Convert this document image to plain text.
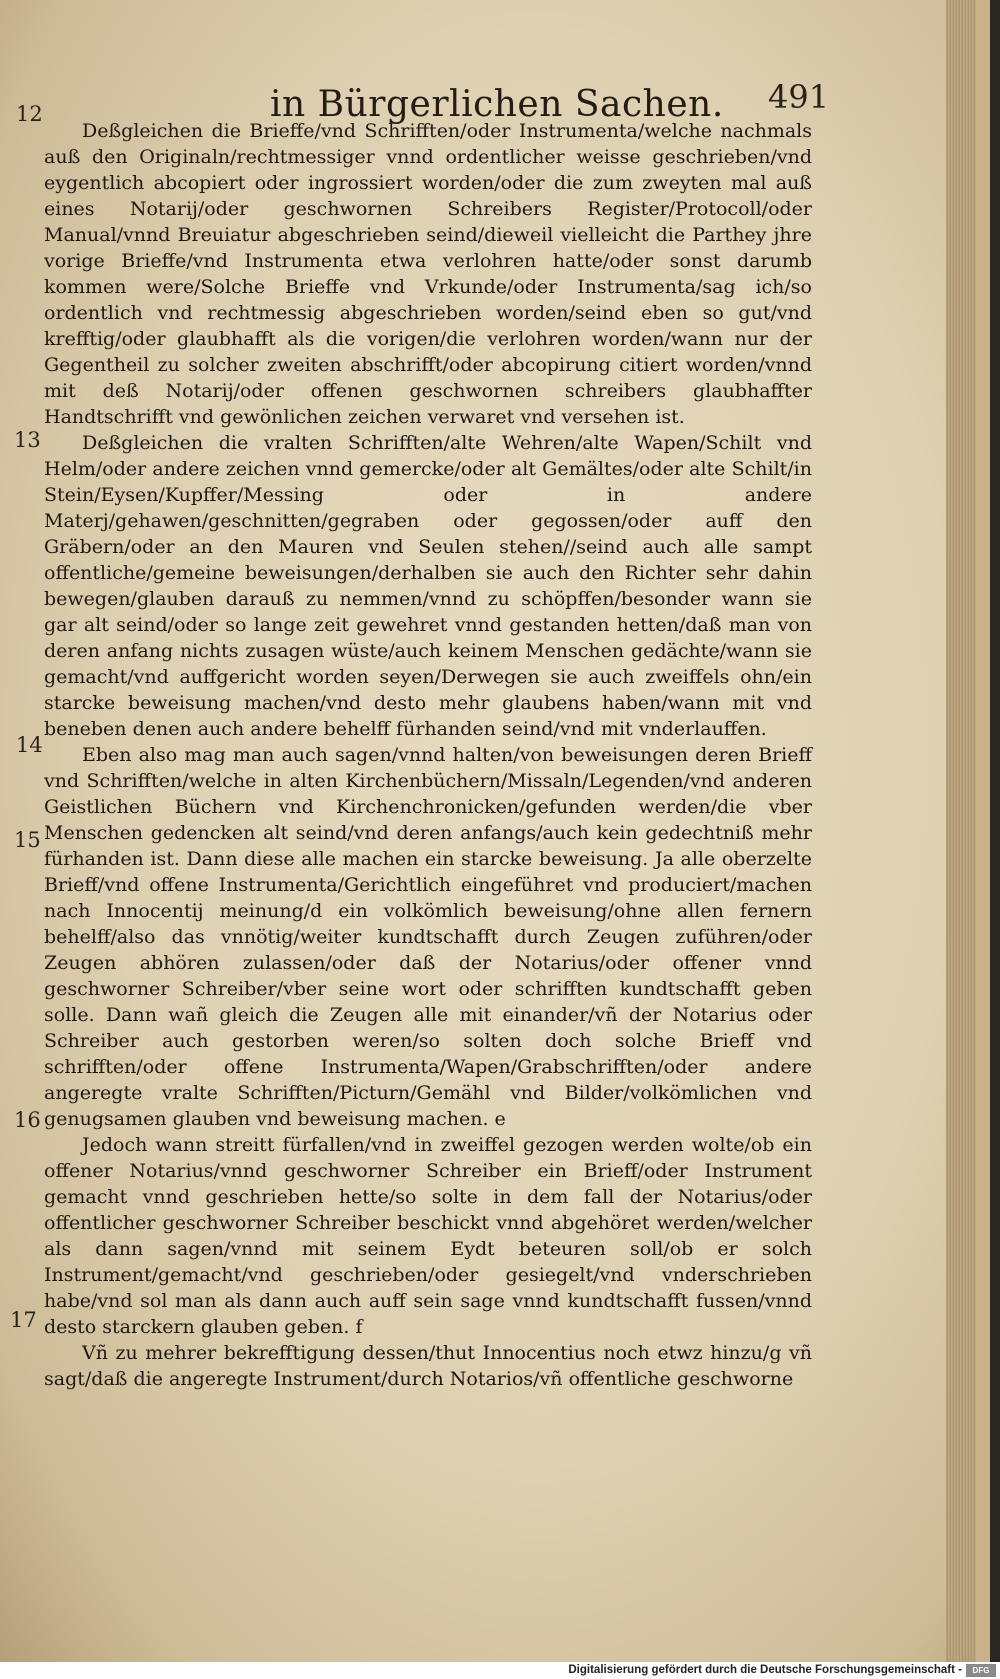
in Bürgerlichen Sachen. 491
12
13
14
15
16
17

Deßgleichen die Brieffe/vnd Schrifften/oder Instrumenta/welche nachmals auß den Originaln/rechtmessiger vnnd ordentlicher weisse geschrieben/vnd eygentlich abcopiert oder ingrossiert worden/oder die zum zweyten mal auß eines Notarij/oder geschwornen Schreibers Register/Protocoll/oder Manual/vnnd Breuiatur abgeschrieben seind/dieweil vielleicht die Parthey jhre vorige Brieffe/vnd Instrumenta etwa verlohren hatte/oder sonst darumb kommen were/Solche Brieffe vnd Vrkunde/oder Instrumenta/sag ich/so ordentlich vnd rechtmessig abgeschrieben worden/seind eben so gut/vnd krefftig/oder glaubhafft als die vorigen/die verlohren worden/wann nur der Gegentheil zu solcher zweiten abschrifft/oder abcopirung citiert worden/vnnd mit deß Notarij/oder offenen geschwornen schreibers glaubhaffter Handtschrifft vnd gewönlichen zeichen verwaret vnd versehen ist.

Deßgleichen die vralten Schrifften/alte Wehren/alte Wapen/Schilt vnd Helm/oder andere zeichen vnnd gemercke/oder alt Gemältes/oder alte Schilt/in Stein/Eysen/Kupffer/Messing oder in andere Materj/gehawen/geschnitten/gegraben oder gegossen/oder auff den Gräbern/oder an den Mauren vnd Seulen stehen//seind auch alle sampt offentliche/gemeine beweisungen/derhalben sie auch den Richter sehr dahin bewegen/glauben darauß zu nemmen/vnnd zu schöpffen/besonder wann sie gar alt seind/oder so lange zeit gewehret vnnd gestanden hetten/daß man von deren anfang nichts zusagen wüste/auch keinem Menschen gedächte/wann sie gemacht/vnd auffgericht worden seyen/Derwegen sie auch zweiffels ohn/ein starcke beweisung machen/vnd desto mehr glaubens haben/wann mit vnd beneben denen auch andere behelff fürhanden seind/vnd mit vnderlauffen.

Eben also mag man auch sagen/vnnd halten/von beweisungen deren Brieff vnd Schrifften/welche in alten Kirchenbüchern/Missaln/Legenden/vnd anderen Geistlichen Büchern vnd Kirchenchronicken/gefunden werden/die vber Menschen gedencken alt seind/vnd deren anfangs/auch kein gedechtniß mehr fürhanden ist. Dann diese alle machen ein starcke beweisung. Ja alle oberzelte Brieff/vnd offene Instrumenta/Gerichtlich eingeführet vnd produciert/machen nach Innocentij meinung/d ein volkömlich beweisung/ohne allen fernern behelff/also das vnnötig/weiter kundtschafft durch Zeugen zuführen/oder Zeugen abhören zulassen/oder daß der Notarius/oder offener vnnd geschworner Schreiber/vber seine wort oder schrifften kundtschafft geben solle. Dann wañ gleich die Zeugen alle mit einander/vñ der Notarius oder Schreiber auch gestorben weren/so solten doch solche Brieff vnd schrifften/oder offene Instrumenta/Wapen/Grabschrifften/oder andere angeregte vralte Schrifften/Picturn/Gemähl vnd Bilder/volkömlichen vnd genugsamen glauben vnd beweisung machen. e

Jedoch wann streitt fürfallen/vnd in zweiffel gezogen werden wolte/ob ein offener Notarius/vnnd geschworner Schreiber ein Brieff/oder Instrument gemacht vnnd geschrieben hette/so solte in dem fall der Notarius/oder offentlicher geschworner Schreiber beschickt vnnd abgehöret werden/welcher als dann sagen/vnnd mit seinem Eydt beteuren soll/ob er solch Instrument/gemacht/vnd geschrieben/oder gesiegelt/vnd vnderschrieben habe/vnd sol man als dann auch auff sein sage vnnd kundtschafft fussen/vnnd desto starckern glauben geben. f

Vñ zu mehrer bekrefftigung dessen/thut Innocentius noch etwz hinzu/g vñ sagt/daß die angeregte Instrument/durch Notarios/vñ offentliche geschworne

Digitalisierung gefördert durch die Deutsche Forschungsgemeinschaft -	DFG
